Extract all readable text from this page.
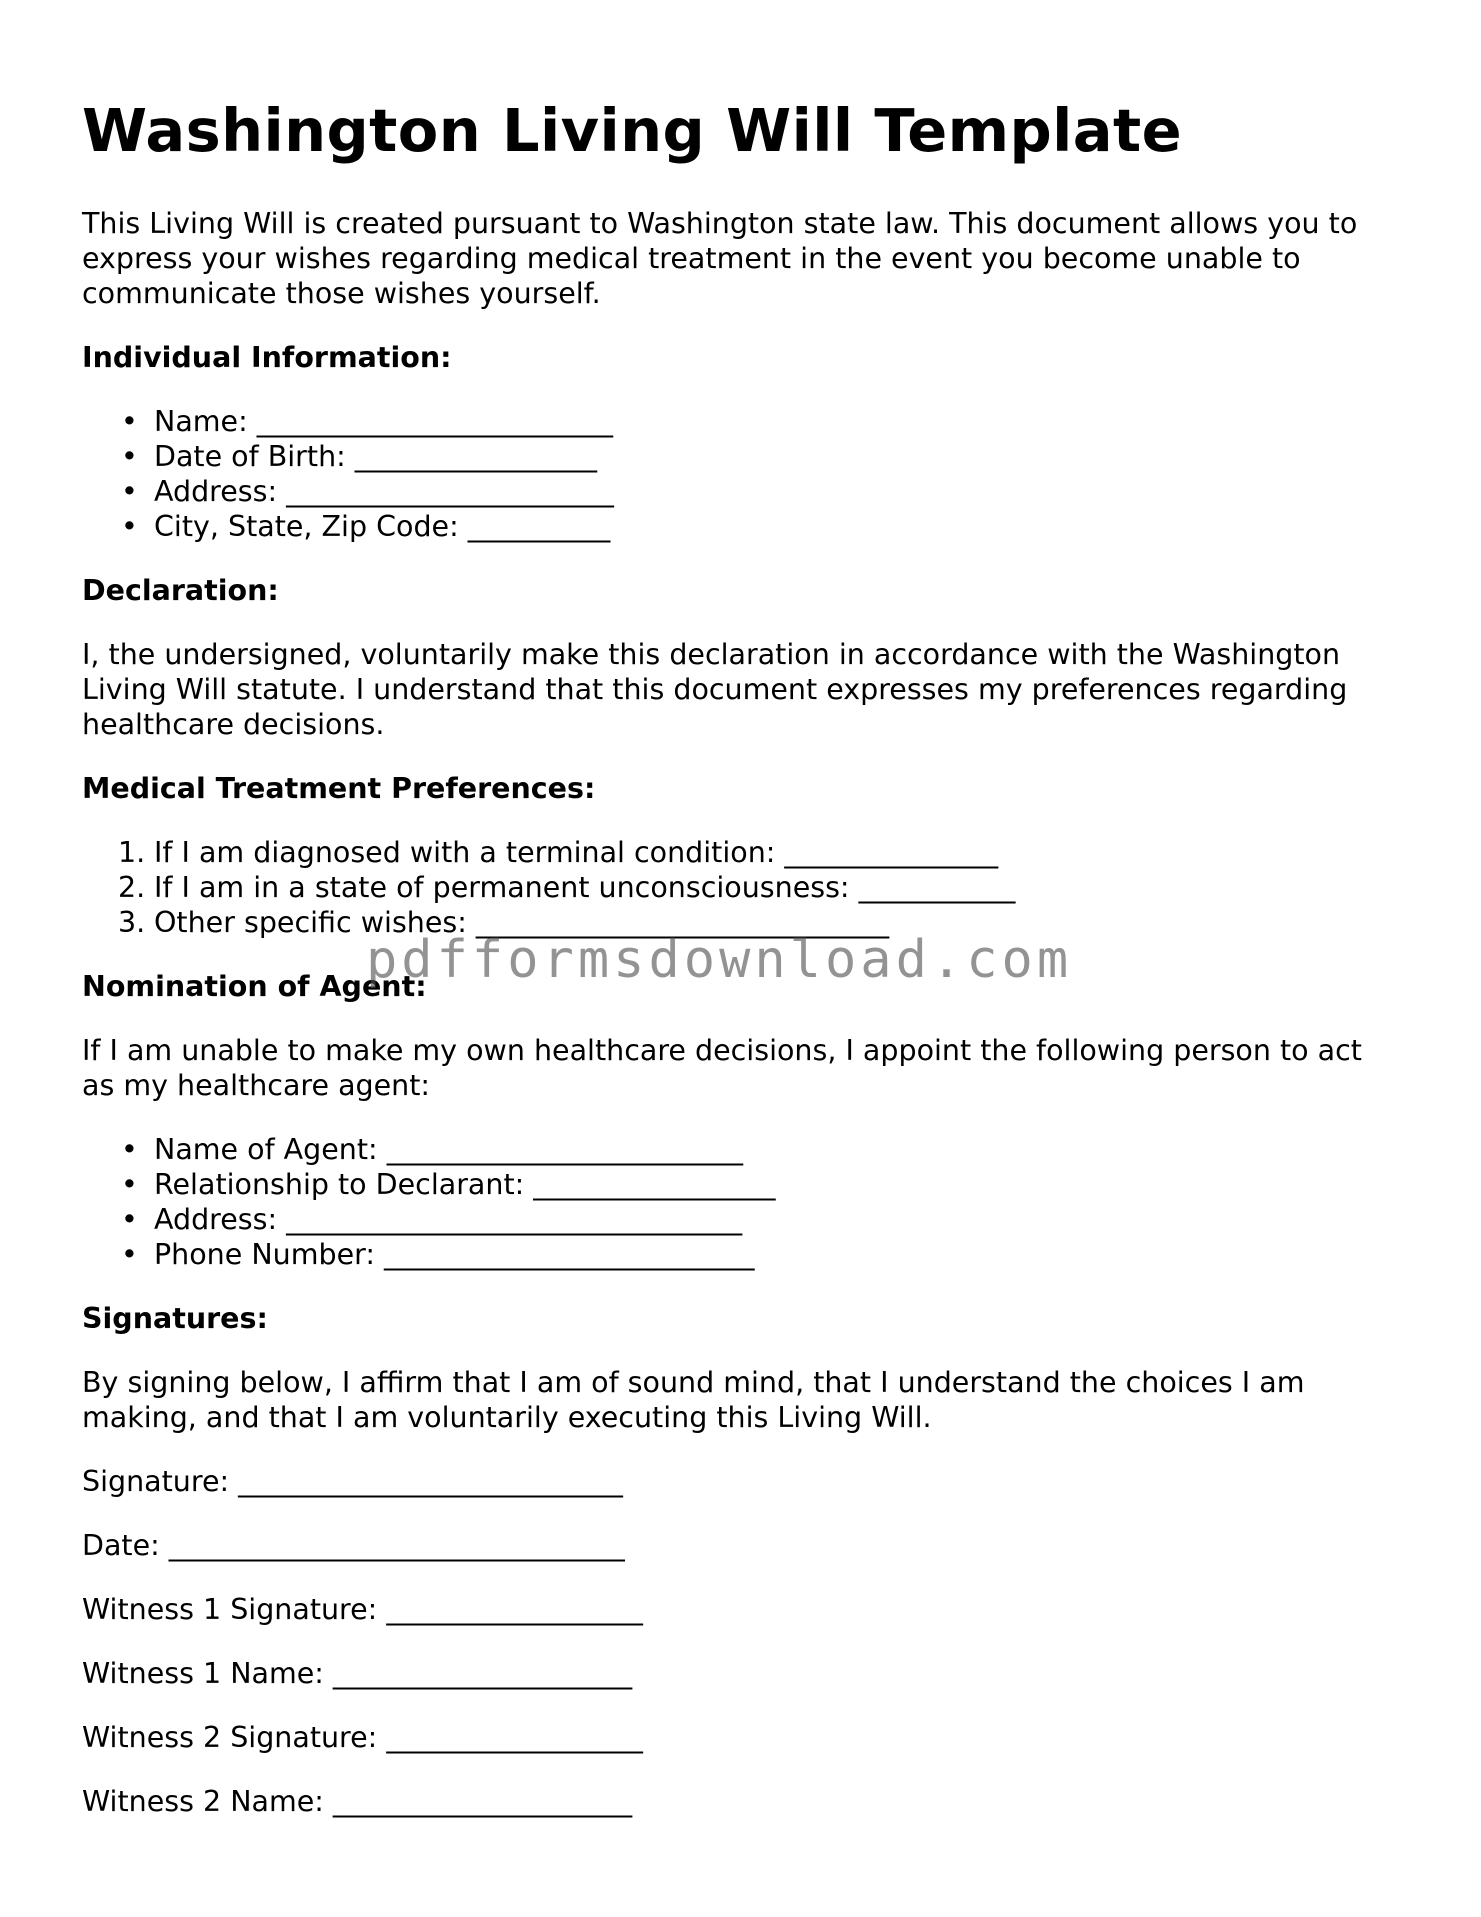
Washington Living Will Template

This Living Will is created pursuant to Washington state law. This document allows you to express your wishes regarding medical treatment in the event you become unable to communicate those wishes yourself.

Individual Information:
• Name: _________________________
• Date of Birth: _________________
• Address: _______________________
• City, State, Zip Code: __________
Declaration:

I, the undersigned, voluntarily make this declaration in accordance with the Washington Living Will statute. I understand that this document expresses my preferences regarding healthcare decisions.

Medical Treatment Preferences:
1. If I am diagnosed with a terminal condition: _______________
2. If I am in a state of permanent unconsciousness: ___________
3. Other specific wishes: _____________________________
Nomination of Agent:

If I am unable to make my own healthcare decisions, I appoint the following person to act as my healthcare agent:

• Name of Agent: _________________________
• Relationship to Declarant: _________________
• Address: ________________________________
• Phone Number: __________________________
Signatures:

By signing below, I affirm that I am of sound mind, that I understand the choices I am making, and that I am voluntarily executing this Living Will.

Signature: ___________________________
Date: ________________________________
Witness 1 Signature: __________________
Witness 1 Name: _____________________
Witness 2 Signature: __________________
Witness 2 Name: _____________________
pdfformsdownload.com
